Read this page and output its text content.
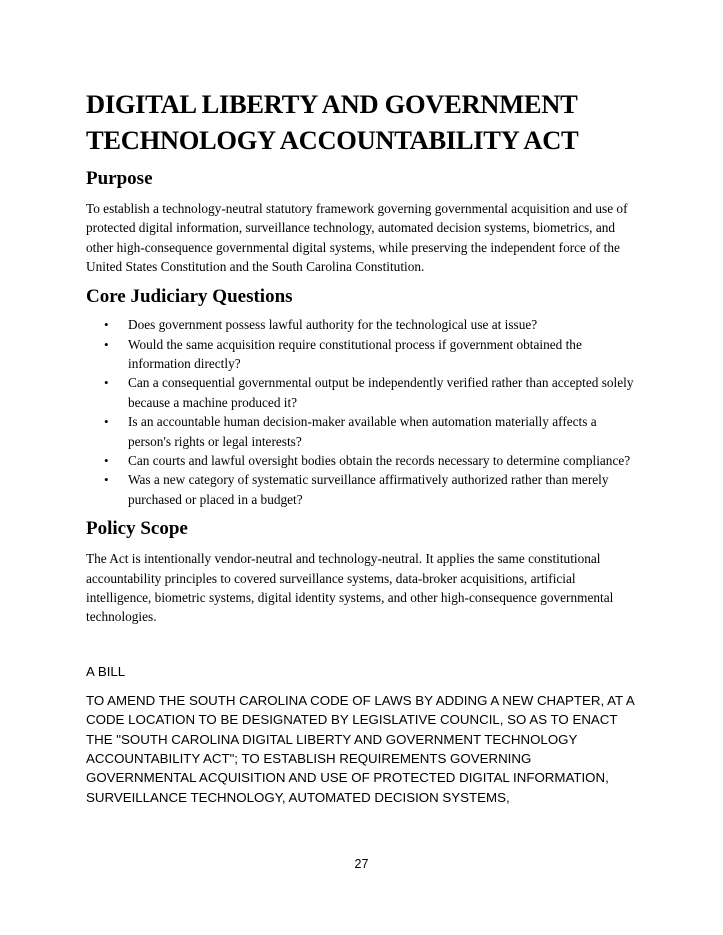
DIGITAL LIBERTY AND GOVERNMENT
TECHNOLOGY ACCOUNTABILITY ACT
Purpose

To establish a technology-neutral statutory framework governing governmental acquisition and use of protected digital information, surveillance technology, automated decision systems, biometrics, and other high-consequence governmental digital systems, while preserving the independent force of the United States Constitution and the South Carolina Constitution.

Core Judiciary Questions
• Does government possess lawful authority for the technological use at issue?
• Would the same acquisition require constitutional process if government obtained the information directly?
• Can a consequential governmental output be independently verified rather than accepted solely because a machine produced it?
• Is an accountable human decision-maker available when automation materially affects a person's rights or legal interests?
• Can courts and lawful oversight bodies obtain the records necessary to determine compliance?
• Was a new category of systematic surveillance affirmatively authorized rather than merely purchased or placed in a budget?
Policy Scope

The Act is intentionally vendor-neutral and technology-neutral. It applies the same constitutional accountability principles to covered surveillance systems, data-broker acquisitions, artificial intelligence, biometric systems, digital identity systems, and other high-consequence governmental technologies.

A BILL

TO AMEND THE SOUTH CAROLINA CODE OF LAWS BY ADDING A NEW CHAPTER, AT A CODE LOCATION TO BE DESIGNATED BY LEGISLATIVE COUNCIL, SO AS TO ENACT THE "SOUTH CAROLINA DIGITAL LIBERTY AND GOVERNMENT TECHNOLOGY ACCOUNTABILITY ACT"; TO ESTABLISH REQUIREMENTS GOVERNING GOVERNMENTAL ACQUISITION AND USE OF PROTECTED DIGITAL INFORMATION, SURVEILLANCE TECHNOLOGY, AUTOMATED DECISION SYSTEMS,

27
